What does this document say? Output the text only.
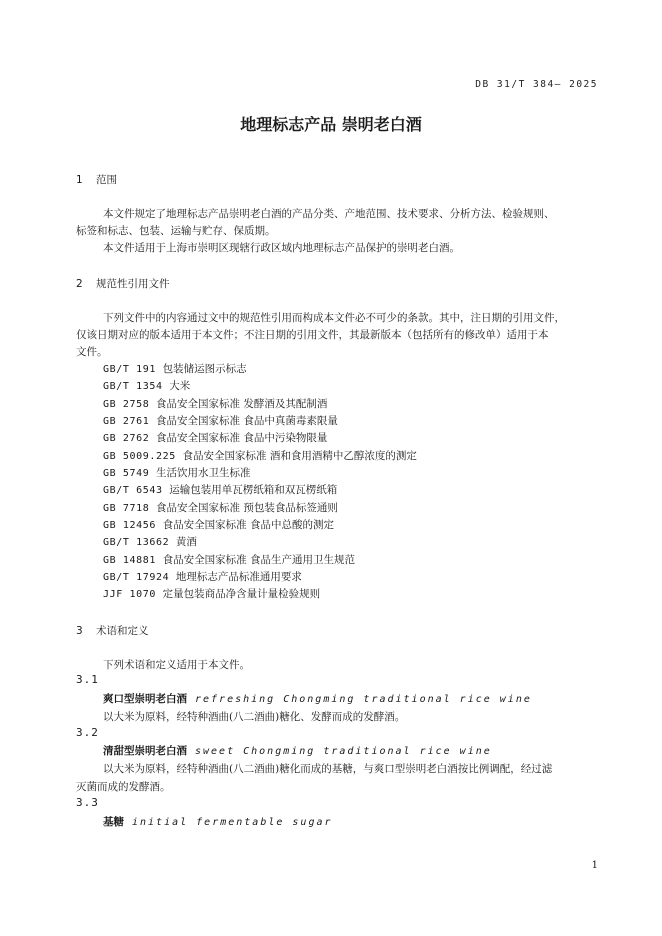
DB 31/T 384— 2025
地理标志产品 崇明老白酒
1 范围
本文件规定了地理标志产品崇明老白酒的产品分类、产地范围、技术要求、分析方法、检验规则、
标签和标志、包装、运输与贮存、保质期。
本文件适用于上海市崇明区现辖行政区域内地理标志产品保护的崇明老白酒。
2 规范性引用文件
下列文件中的内容通过文中的规范性引用而构成本文件必不可少的条款。其中，注日期的引用文件，
仅该日期对应的版本适用于本文件；不注日期的引用文件，其最新版本（包括所有的修改单）适用于本
文件。
GB/T 191 包装储运图示标志
GB/T 1354 大米
GB 2758 食品安全国家标准 发酵酒及其配制酒
GB 2761 食品安全国家标准 食品中真菌毒素限量
GB 2762 食品安全国家标准 食品中污染物限量
GB 5009.225 食品安全国家标准 酒和食用酒精中乙醇浓度的测定
GB 5749 生活饮用水卫生标准
GB/T 6543 运输包装用单瓦楞纸箱和双瓦楞纸箱
GB 7718 食品安全国家标准 预包装食品标签通则
GB 12456 食品安全国家标准 食品中总酸的测定
GB/T 13662 黄酒
GB 14881 食品安全国家标准 食品生产通用卫生规范
GB/T 17924 地理标志产品标准通用要求
JJF 1070 定量包装商品净含量计量检验规则
3 术语和定义
下列术语和定义适用于本文件。
3.1
爽口型崇明老白酒 refreshing Chongming traditional rice wine
以大米为原料，经特种酒曲(八二酒曲)糖化、发酵而成的发酵酒。
3.2
清甜型崇明老白酒 sweet Chongming traditional rice wine
以大米为原料，经特种酒曲(八二酒曲)糖化而成的基糖，与爽口型崇明老白酒按比例调配，经过滤
灭菌而成的发酵酒。
3.3
基糖 initial fermentable sugar
1
